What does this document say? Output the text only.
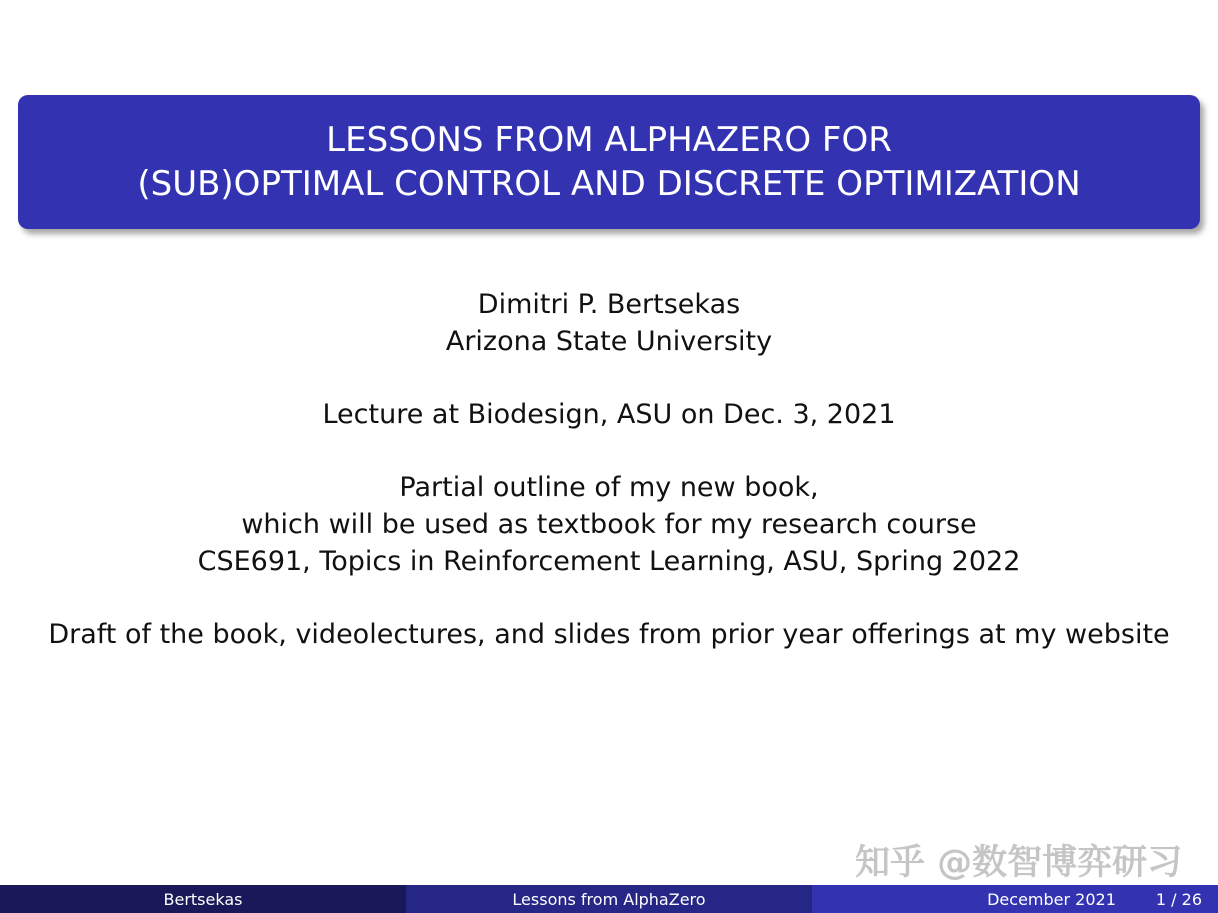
LESSONS FROM ALPHAZERO FOR
(SUB)OPTIMAL CONTROL AND DISCRETE OPTIMIZATION
Dimitri P. Bertsekas
Arizona State University
Lecture at Biodesign, ASU on Dec. 3, 2021
Partial outline of my new book,
which will be used as textbook for my research course
CSE691, Topics in Reinforcement Learning, ASU, Spring 2022
Draft of the book, videolectures, and slides from prior year offerings at my website
知乎 @数智博弈研习
Bertsekas	Lessons from AlphaZero	December 2021	1 / 26
